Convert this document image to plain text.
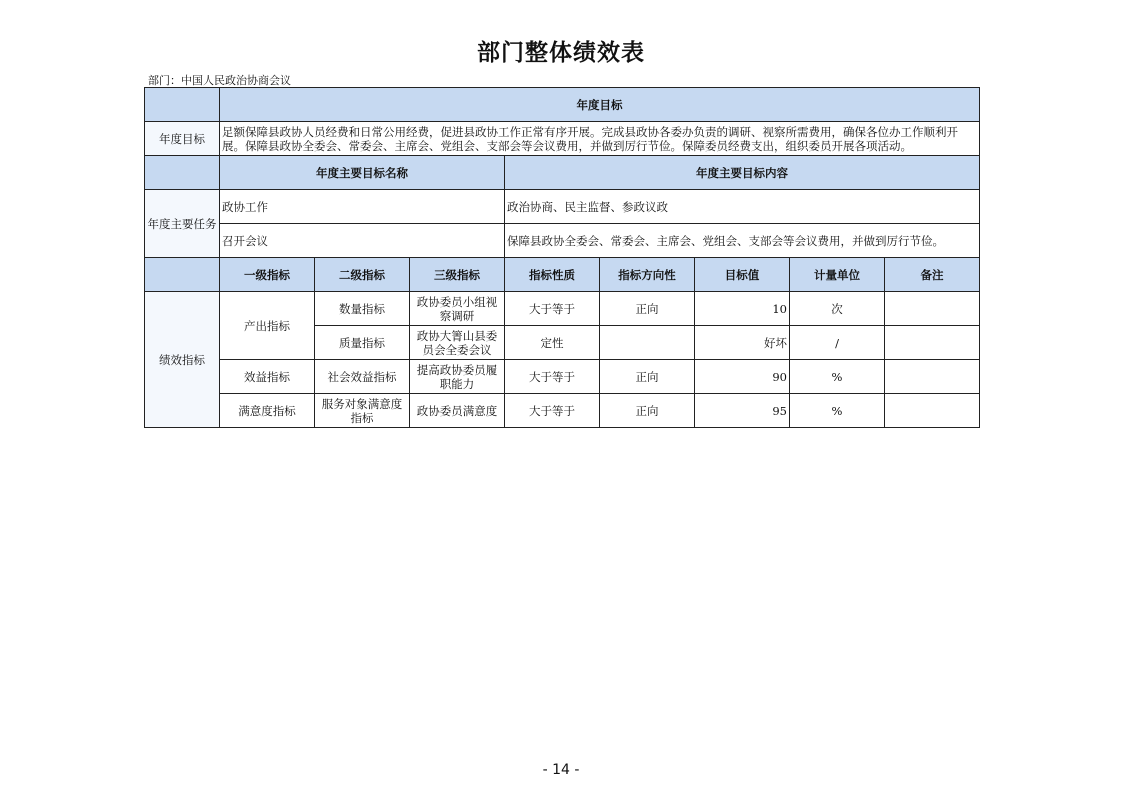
部门整体绩效表
部门：中国人民政治协商会议
	年度目标							
年度目标	足额保障县政协人员经费和日常公用经费，促进县政协工作正常有序开展。完成县政协各委办负责的调研、视察所需费用，确保各位办工作顺利开展。保障县政协全委会、常委会、主席会、党组会、支部会等会议费用，并做到厉行节俭。保障委员经费支出，组织委员开展各项活动。							
	年度主要目标名称			年度主要目标内容				
年度主要任务	政协工作			政治协商、民主监督、参政议政				
	召开会议			保障县政协全委会、常委会、主席会、党组会、支部会等会议费用，并做到厉行节俭。				
	一级指标	二级指标	三级指标	指标性质	指标方向性	目标值	计量单位	备注
绩效指标	产出指标	数量指标	政协委员小组视察调研	大于等于	正向	10	次	
		质量指标	政协大箐山县委员会全委会议	定性		好坏	/	
	效益指标	社会效益指标	提高政协委员履职能力	大于等于	正向	90	%	
	满意度指标	服务对象满意度指标	政协委员满意度	大于等于	正向	95	%	
- 14 -
